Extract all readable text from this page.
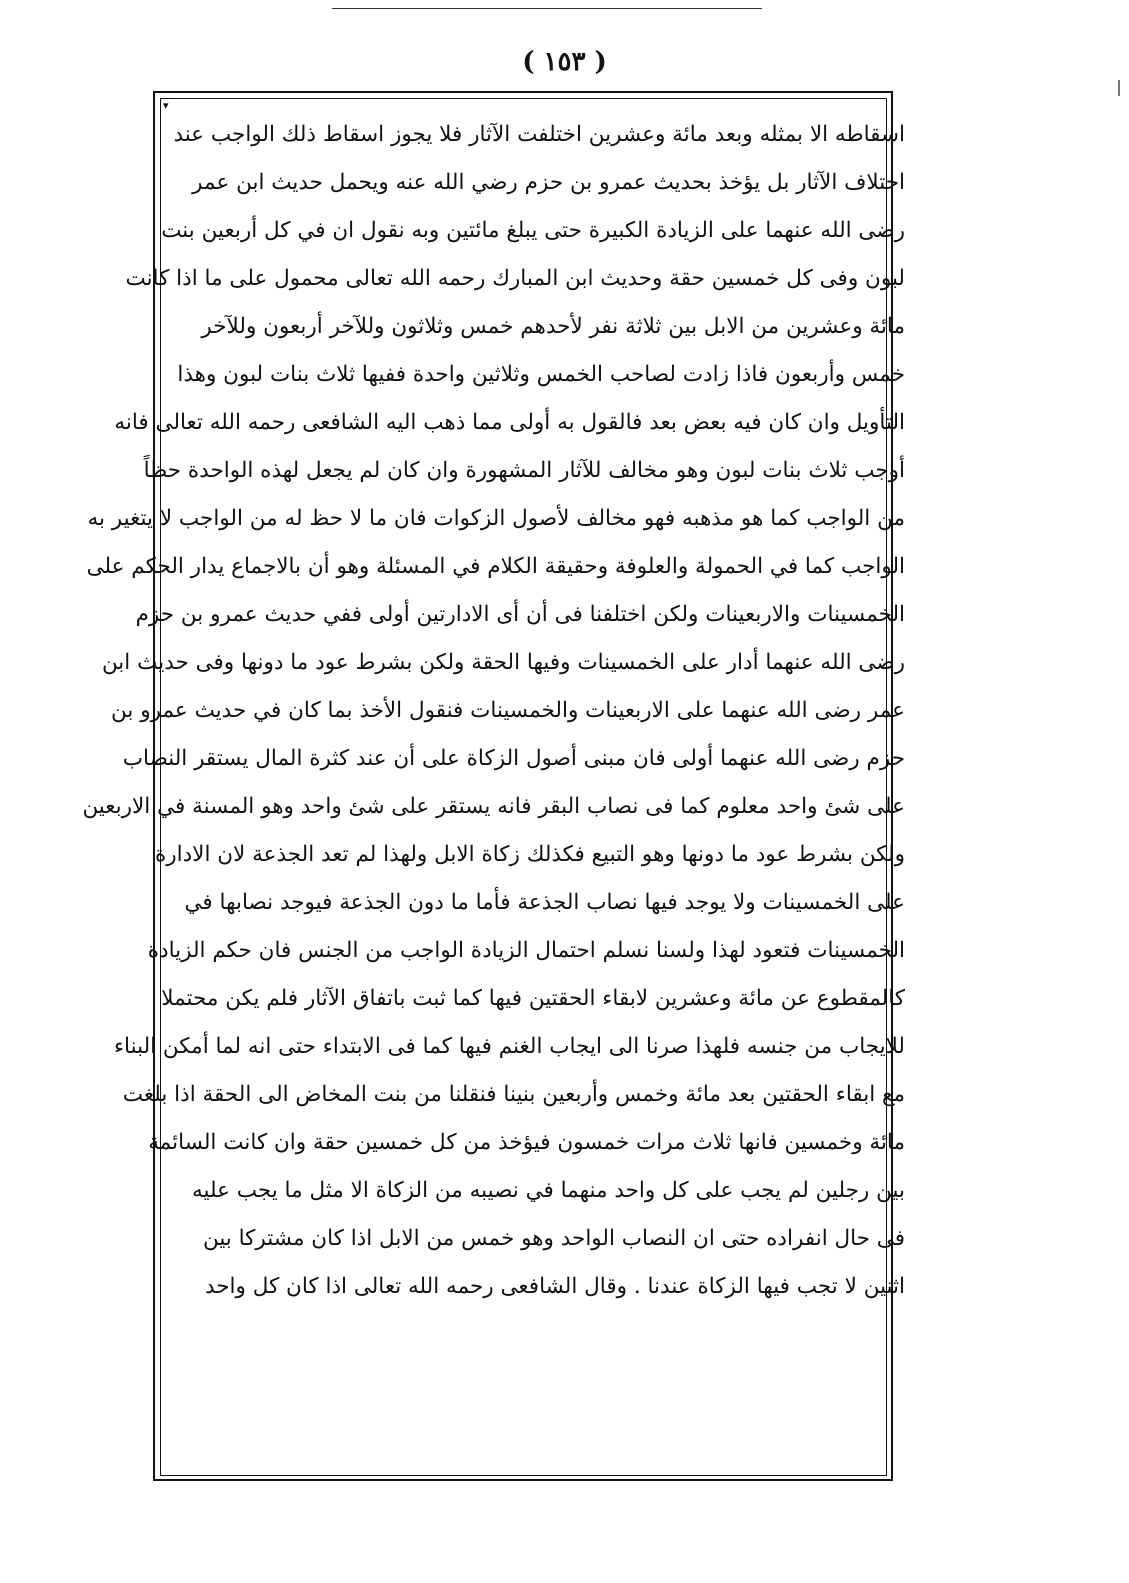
( ١٥٣ )
▾
اسقاطه الا بمثله وبعد مائة وعشرين اختلفت الآثار فلا يجوز اسقاط ذلك الواجب عند
اختلاف الآثار بل يؤخذ بحديث عمرو بن حزم رضي الله عنه ويحمل حديث ابن عمر
رضى الله عنهما على الزيادة الكبيرة حتى يبلغ مائتين وبه نقول ان في كل أربعين بنت
لبون وفى كل خمسين حقة وحديث ابن المبارك رحمه الله تعالى محمول على ما اذا كانت
مائة وعشرين من الابل بين ثلاثة نفر لأحدهم خمس وثلاثون وللآخر أربعون وللآخر
خمس وأربعون فاذا زادت لصاحب الخمس وثلاثين واحدة ففيها ثلاث بنات لبون وهذا
التأويل وان كان فيه بعض بعد فالقول به أولى مما ذهب اليه الشافعى رحمه الله تعالى فانه
أوجب ثلاث بنات لبون وهو مخالف للآثار المشهورة وان كان لم يجعل لهذه الواحدة حظاً
من الواجب كما هو مذهبه فهو مخالف لأصول الزكوات فان ما لا حظ له من الواجب لا يتغير به
الواجب كما في الحمولة والعلوفة وحقيقة الكلام في المسئلة وهو أن بالاجماع يدار الحكم على
الخمسينات والاربعينات ولكن اختلفنا فى أن أى الادارتين أولى ففي حديث عمرو بن حزم
رضى الله عنهما أدار على الخمسينات وفيها الحقة ولكن بشرط عود ما دونها وفى حديث ابن
عمر رضى الله عنهما على الاربعينات والخمسينات فنقول الأخذ بما كان في حديث عمرو بن
حزم رضى الله عنهما أولى فان مبنى أصول الزكاة على أن عند كثرة المال يستقر النصاب
على شئ واحد معلوم كما فى نصاب البقر فانه يستقر على شئ واحد وهو المسنة في الاربعين
ولكن بشرط عود ما دونها وهو التبيع فكذلك زكاة الابل ولهذا لم تعد الجذعة لان الادارة
على الخمسينات ولا يوجد فيها نصاب الجذعة فأما ما دون الجذعة فيوجد نصابها في
الخمسينات فتعود لهذا ولسنا نسلم احتمال الزيادة الواجب من الجنس فان حكم الزيادة
كالمقطوع عن مائة وعشرين لابقاء الحقتين فيها كما ثبت باتفاق الآثار فلم يكن محتملا
للايجاب من جنسه فلهذا صرنا الى ايجاب الغنم فيها كما فى الابتداء حتى انه لما أمكن البناء
مع ابقاء الحقتين بعد مائة وخمس وأربعين بنينا فنقلنا من بنت المخاض الى الحقة اذا بلغت
مائة وخمسين فانها ثلاث مرات خمسون فيؤخذ من كل خمسين حقة وان كانت السائمة
بين رجلين لم يجب على كل واحد منهما في نصيبه من الزكاة الا مثل ما يجب عليه
فى حال انفراده حتى ان النصاب الواحد وهو خمس من الابل اذا كان مشتركا بين
اثنين لا تجب فيها الزكاة عندنا . وقال الشافعى رحمه الله تعالى اذا كان كل واحد
